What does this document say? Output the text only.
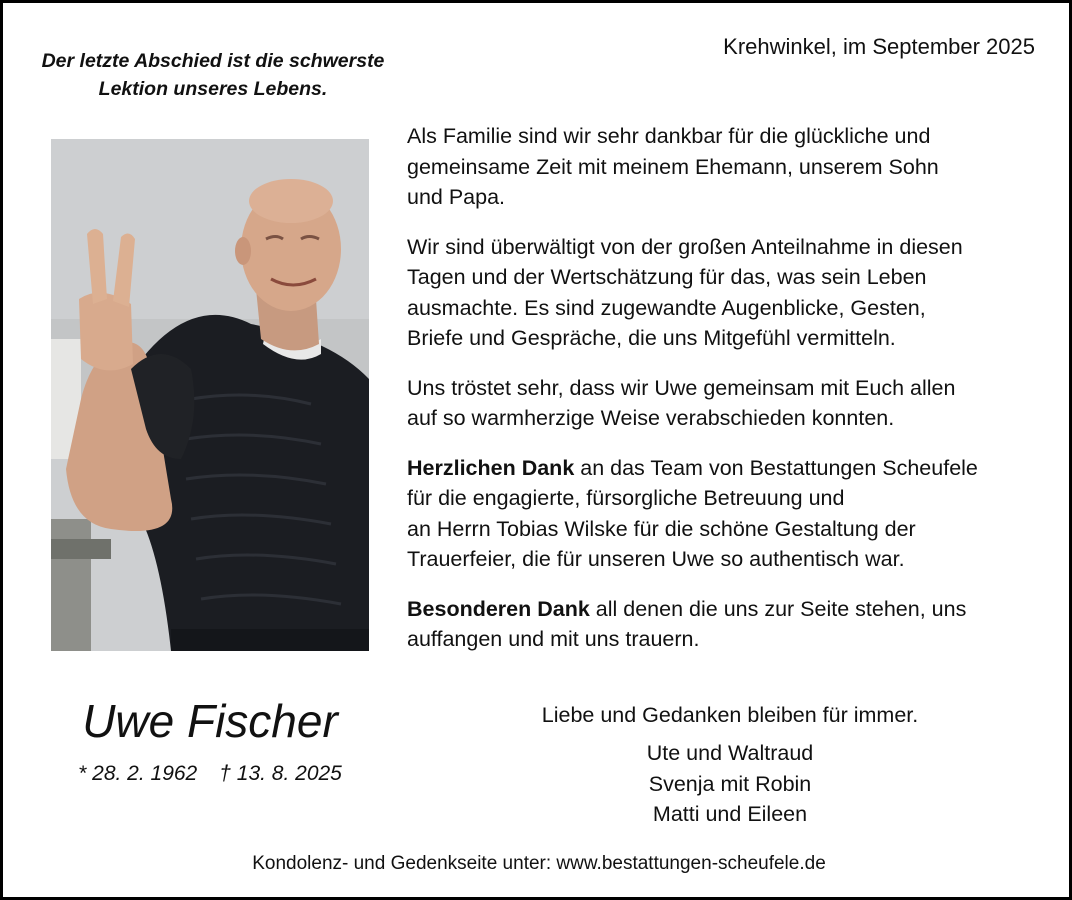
Der letzte Abschied ist die schwerste
Lektion unseres Lebens.
Krehwinkel, im September 2025

Als Familie sind wir sehr dankbar für die glückliche und
gemeinsame Zeit mit meinem Ehemann, unserem Sohn
und Papa.

Wir sind überwältigt von der großen Anteilnahme in diesen
Tagen und der Wertschätzung für das, was sein Leben
ausmachte. Es sind zugewandte Augenblicke, Gesten,
Briefe und Gespräche, die uns Mitgefühl vermitteln.

Uns tröstet sehr, dass wir Uwe gemeinsam mit Euch allen
auf so warmherzige Weise verabschieden konnten.

Herzlichen Dank an das Team von Bestattungen Scheufele
für die engagierte, fürsorgliche Betreuung und
an Herrn Tobias Wilske für die schöne Gestaltung der
Trauerfeier, die für unseren Uwe so authentisch war.

Besonderen Dank all denen die uns zur Seite stehen, uns
auffangen und mit uns trauern.

Uwe Fischer
* 28. 2. 1962 † 13. 8. 2025
Liebe und Gedanken bleiben für immer.
Ute und Waltraud
Svenja mit Robin
Matti und Eileen
Kondolenz- und Gedenkseite unter: www.bestattungen-scheufele.de
